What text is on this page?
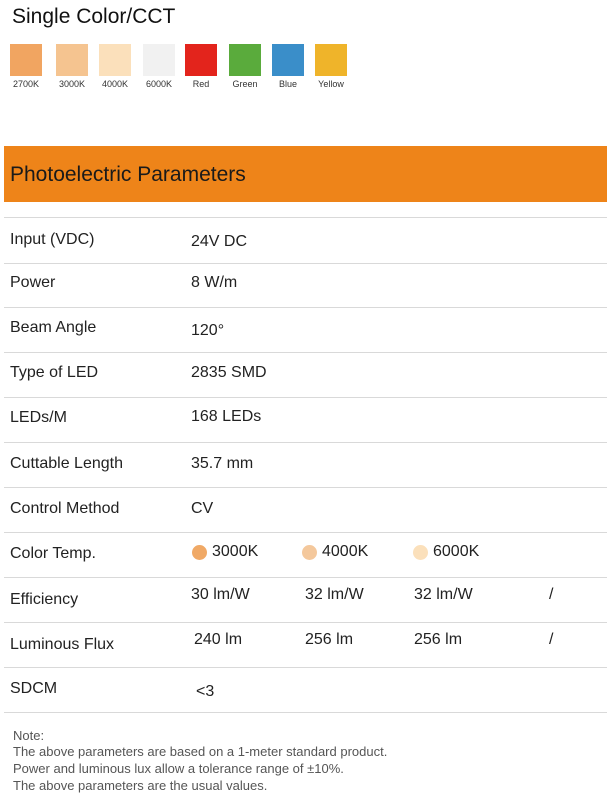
Single Color/CCT
2700K	3000K	4000K	6000K	Red	Green	Blue	Yellow
Photoelectric Parameters
Input (VDC)	24V DC
Power	8 W/m
Beam Angle	120°
Type of LED	2835 SMD
LEDs/M	168 LEDs
Cuttable Length	35.7 mm
Control Method	CV
Color Temp.	3000K	4000K	6000K
Efficiency	30 lm/W	32 lm/W	32 lm/W	/
Luminous Flux	240 lm	256 lm	256 lm	/
SDCM	<3
Note:
The above parameters are based on a 1-meter standard product.
Power and luminous lux allow a tolerance range of ±10%.
The above parameters are the usual values.
